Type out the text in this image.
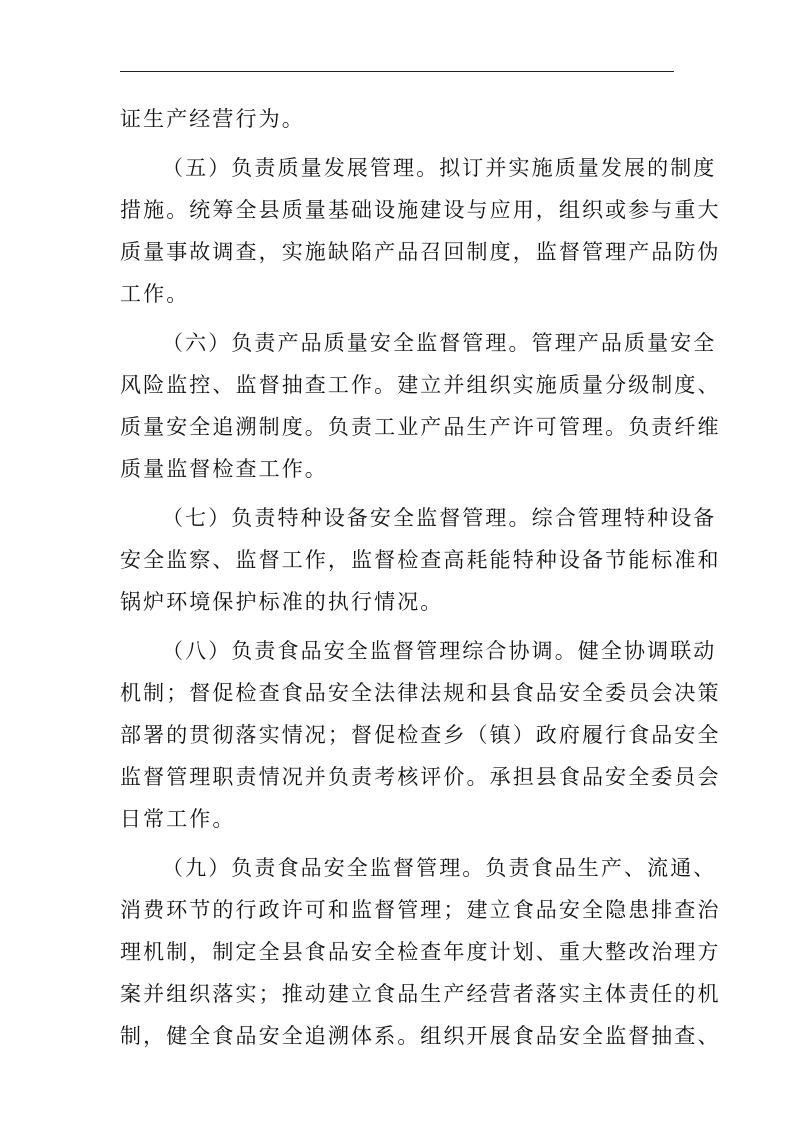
证生产经营行为。
（五）负责质量发展管理。拟订并实施质量发展的制度
措施。统筹全县质量基础设施建设与应用，组织或参与重大
质量事故调查，实施缺陷产品召回制度，监督管理产品防伪
工作。
（六）负责产品质量安全监督管理。管理产品质量安全
风险监控、监督抽查工作。建立并组织实施质量分级制度、
质量安全追溯制度。负责工业产品生产许可管理。负责纤维
质量监督检查工作。
（七）负责特种设备安全监督管理。综合管理特种设备
安全监察、监督工作，监督检查高耗能特种设备节能标准和
锅炉环境保护标准的执行情况。
（八）负责食品安全监督管理综合协调。健全协调联动
机制；督促检查食品安全法律法规和县食品安全委员会决策
部署的贯彻落实情况；督促检查乡（镇）政府履行食品安全
监督管理职责情况并负责考核评价。承担县食品安全委员会
日常工作。
（九）负责食品安全监督管理。负责食品生产、流通、
消费环节的行政许可和监督管理；建立食品安全隐患排查治
理机制，制定全县食品安全检查年度计划、重大整改治理方
案并组织落实；推动建立食品生产经营者落实主体责任的机
制，健全食品安全追溯体系。组织开展食品安全监督抽查、
